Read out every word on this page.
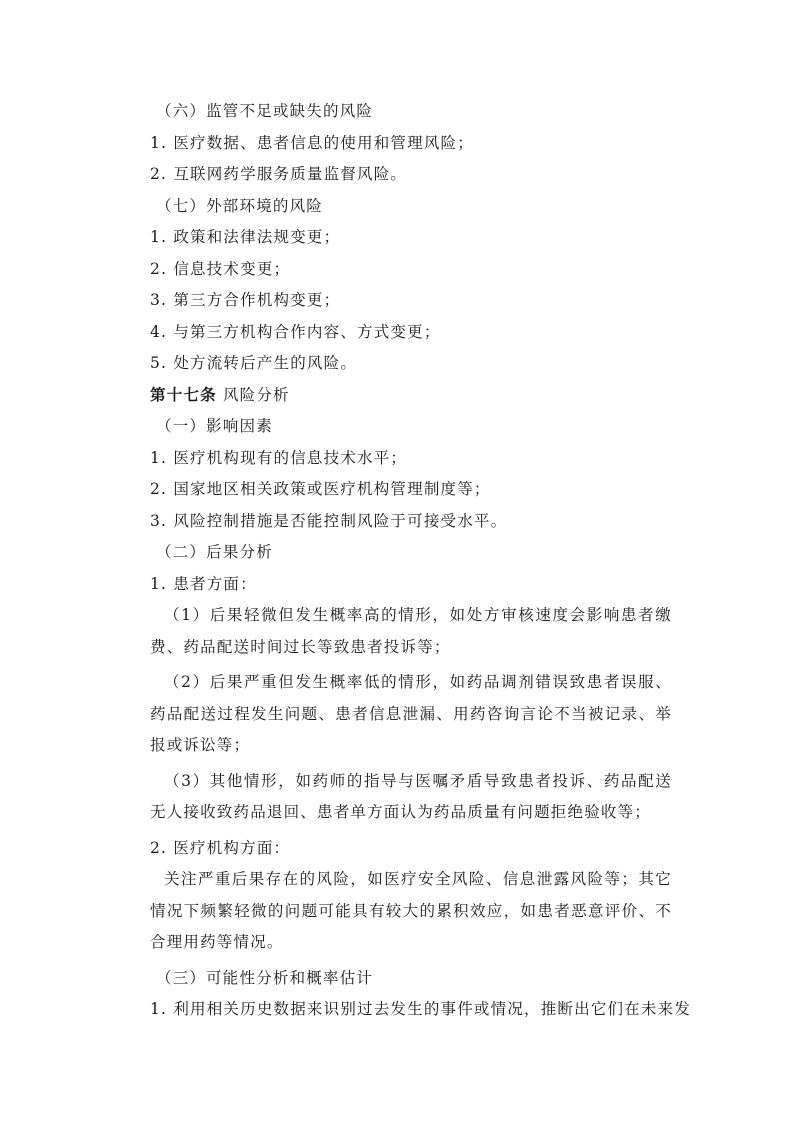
（六）监管不足或缺失的风险
1. 医疗数据、患者信息的使用和管理风险；
2. 互联网药学服务质量监督风险。
（七）外部环境的风险
1. 政策和法律法规变更；
2. 信息技术变更；
3. 第三方合作机构变更；
4. 与第三方机构合作内容、方式变更；
5. 处方流转后产生的风险。
第十七条 风险分析
（一）影响因素
1. 医疗机构现有的信息技术水平；
2. 国家地区相关政策或医疗机构管理制度等；
3. 风险控制措施是否能控制风险于可接受水平。
（二）后果分析
1. 患者方面：

（1）后果轻微但发生概率高的情形，如处方审核速度会影响患者缴费、药品配送时间过长等致患者投诉等；

（2）后果严重但发生概率低的情形，如药品调剂错误致患者误服、药品配送过程发生问题、患者信息泄漏、用药咨询言论不当被记录、举报或诉讼等；

（3）其他情形，如药师的指导与医嘱矛盾导致患者投诉、药品配送无人接收致药品退回、患者单方面认为药品质量有问题拒绝验收等；

2. 医疗机构方面：

关注严重后果存在的风险，如医疗安全风险、信息泄露风险等；其它情况下频繁轻微的问题可能具有较大的累积效应，如患者恶意评价、不合理用药等情况。

（三）可能性分析和概率估计
1. 利用相关历史数据来识别过去发生的事件或情况，推断出它们在未来发
